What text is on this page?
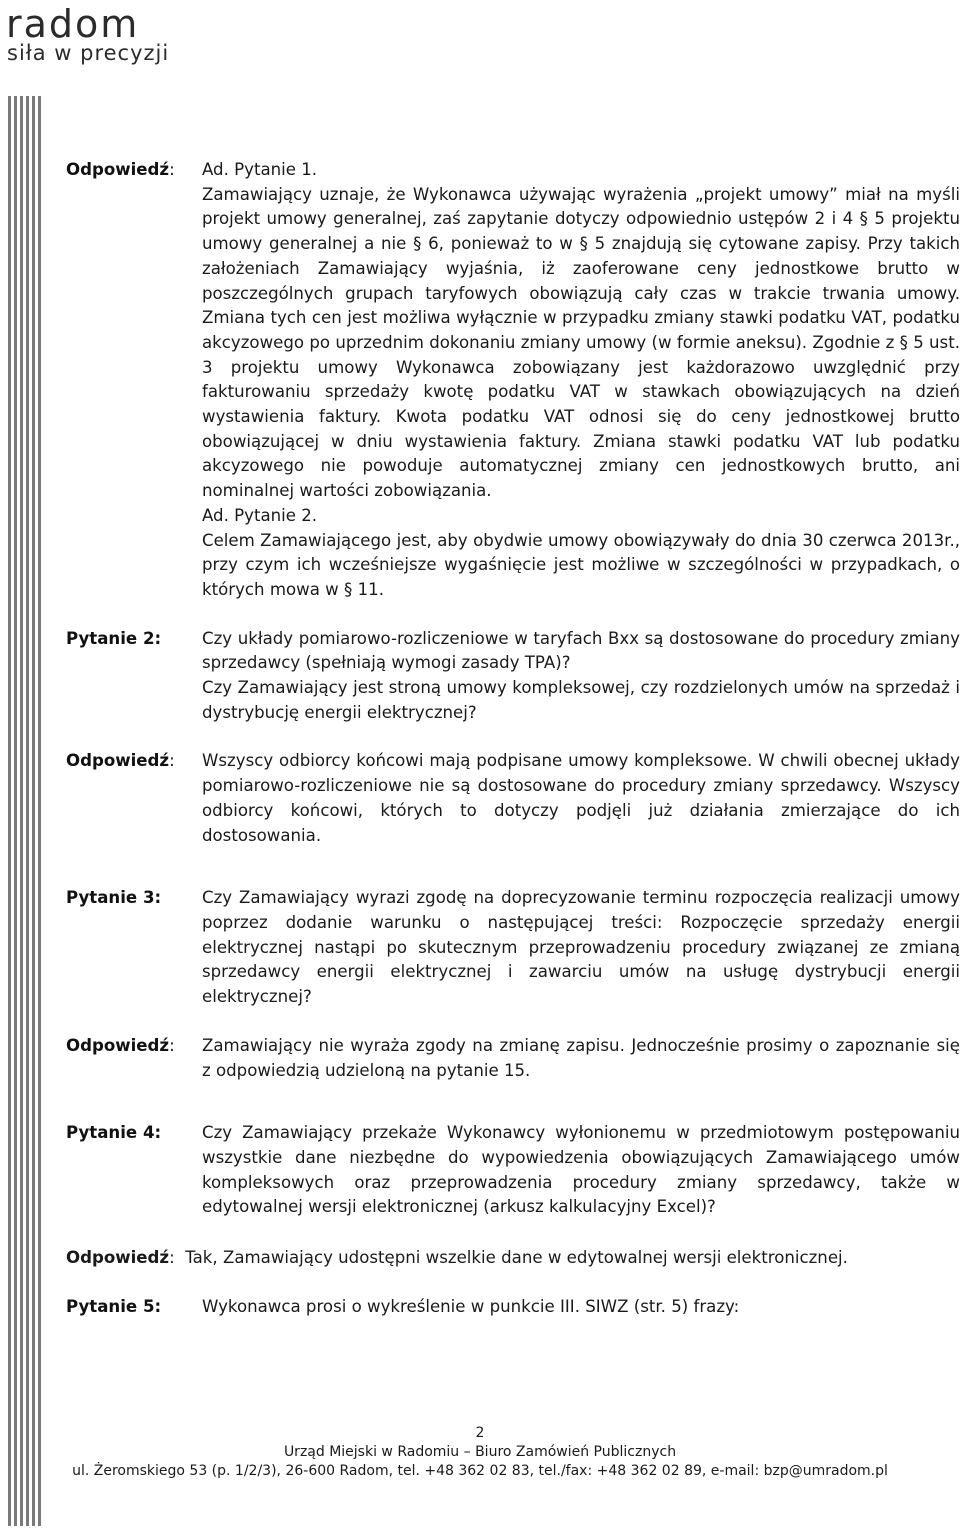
radom
siła w precyzji
Odpowiedź: Ad. Pytanie 1.

Zamawiający uznaje, że Wykonawca używając wyrażenia „projekt umowy” miał na myśli projekt umowy generalnej, zaś zapytanie dotyczy odpowiednio ustępów 2 i 4 § 5 projektu umowy generalnej a nie § 6, ponieważ to w § 5 znajdują się cytowane zapisy. Przy takich założeniach Zamawiający wyjaśnia, iż zaoferowane ceny jednostkowe brutto w poszczególnych grupach taryfowych obowiązują cały czas w trakcie trwania umowy. Zmiana tych cen jest możliwa wyłącznie w przypadku zmiany stawki podatku VAT, podatku akcyzowego po uprzednim dokonaniu zmiany umowy (w formie aneksu). Zgodnie z § 5 ust. 3 projektu umowy Wykonawca zobowiązany jest każdorazowo uwzględnić przy fakturowaniu sprzedaży kwotę podatku VAT w stawkach obowiązujących na dzień wystawienia faktury. Kwota podatku VAT odnosi się do ceny jednostkowej brutto obowiązującej w dniu wystawienia faktury. Zmiana stawki podatku VAT lub podatku akcyzowego nie powoduje automatycznej zmiany cen jednostkowych brutto, ani nominalnej wartości zobowiązania.

Ad. Pytanie 2.

Celem Zamawiającego jest, aby obydwie umowy obowiązywały do dnia 30 czerwca 2013r., przy czym ich wcześniejsze wygaśnięcie jest możliwe w szczególności w przypadkach, o których mowa w § 11.

Pytanie 2: Czy układy pomiarowo-rozliczeniowe w taryfach Bxx są dostosowane do procedury zmiany sprzedawcy (spełniają wymogi zasady TPA)?

Czy Zamawiający jest stroną umowy kompleksowej, czy rozdzielonych umów na sprzedaż i dystrybucję energii elektrycznej?

Odpowiedź: Wszyscy odbiorcy końcowi mają podpisane umowy kompleksowe. W chwili obecnej układy pomiarowo-rozliczeniowe nie są dostosowane do procedury zmiany sprzedawcy. Wszyscy odbiorcy końcowi, których to dotyczy podjęli już działania zmierzające do ich dostosowania.

Pytanie 3: Czy Zamawiający wyrazi zgodę na doprecyzowanie terminu rozpoczęcia realizacji umowy poprzez dodanie warunku o następującej treści: Rozpoczęcie sprzedaży energii elektrycznej nastąpi po skutecznym przeprowadzeniu procedury związanej ze zmianą sprzedawcy energii elektrycznej i zawarciu umów na usługę dystrybucji energii elektrycznej?

Odpowiedź: Zamawiający nie wyraża zgody na zmianę zapisu. Jednocześnie prosimy o zapoznanie się z odpowiedzią udzieloną na pytanie 15.

Pytanie 4: Czy Zamawiający przekaże Wykonawcy wyłonionemu w przedmiotowym postępowaniu wszystkie dane niezbędne do wypowiedzenia obowiązujących Zamawiającego umów kompleksowych oraz przeprowadzenia procedury zmiany sprzedawcy, także w edytowalnej wersji elektronicznej (arkusz kalkulacyjny Excel)?

Odpowiedź: Tak, Zamawiający udostępni wszelkie dane w edytowalnej wersji elektronicznej.
Pytanie 5: Wykonawca prosi o wykreślenie w punkcie III. SIWZ (str. 5) frazy:

2
Urząd Miejski w Radomiu – Biuro Zamówień Publicznych
ul. Żeromskiego 53 (p. 1/2/3), 26-600 Radom, tel. +48 362 02 83, tel./fax: +48 362 02 89, e-mail: bzp@umradom.pl
